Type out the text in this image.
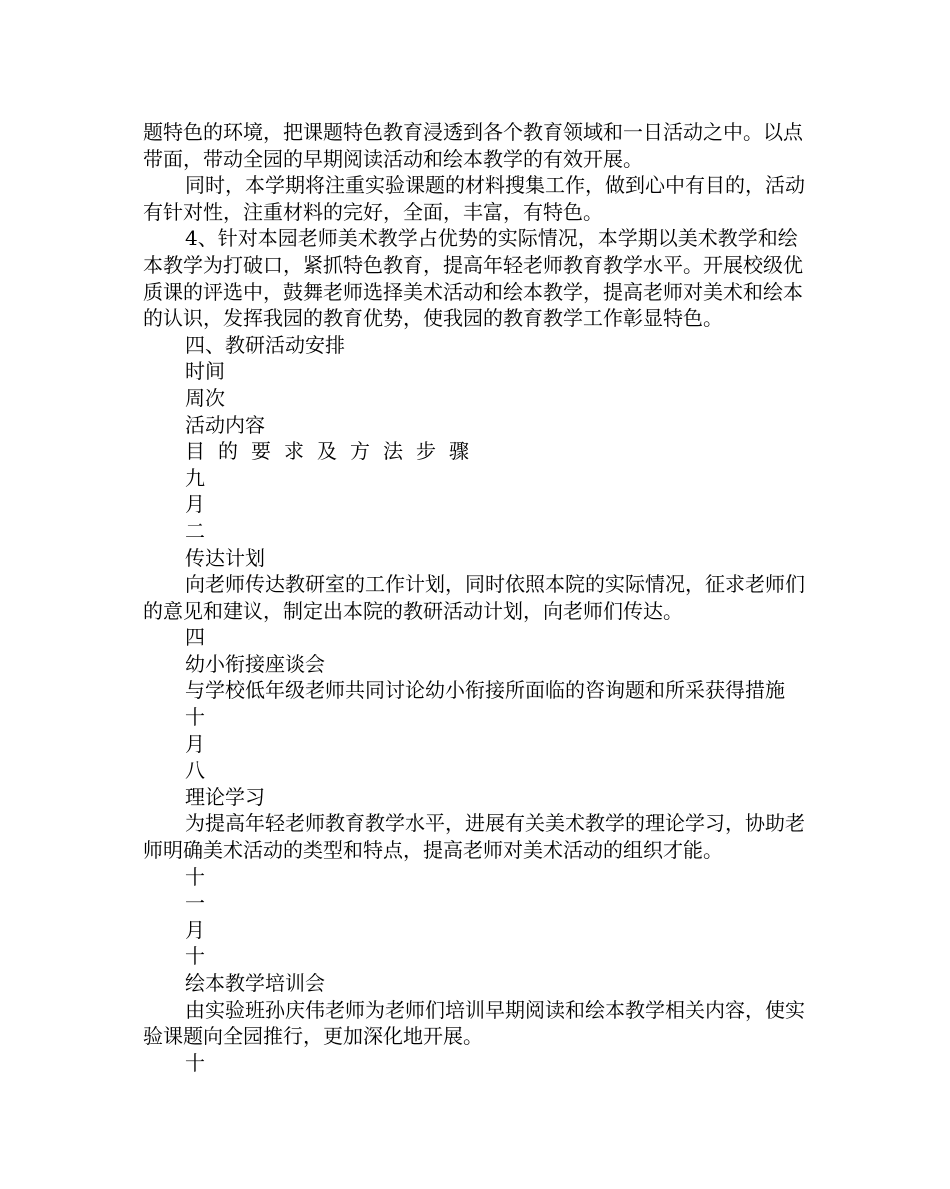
题特色的环境，把课题特色教育浸透到各个教育领域和一日活动之中。以点带面，带动全园的早期阅读活动和绘本教学的有效开展。

同时，本学期将注重实验课题的材料搜集工作，做到心中有目的，活动有针对性，注重材料的完好，全面，丰富，有特色。

4、针对本园老师美术教学占优势的实际情况，本学期以美术教学和绘本教学为打破口，紧抓特色教育，提高年轻老师教育教学水平。开展校级优质课的评选中，鼓舞老师选择美术活动和绘本教学，提高老师对美术和绘本的认识，发挥我园的教育优势，使我园的教育教学工作彰显特色。

四、教研活动安排

时间

周次

活动内容

目的要求及方法步骤

九

月

二

传达计划

向老师传达教研室的工作计划，同时依照本院的实际情况，征求老师们的意见和建议，制定出本院的教研活动计划，向老师们传达。

四

幼小衔接座谈会

与学校低年级老师共同讨论幼小衔接所面临的咨询题和所采获得措施

十

月

八

理论学习

为提高年轻老师教育教学水平，进展有关美术教学的理论学习，协助老师明确美术活动的类型和特点，提高老师对美术活动的组织才能。

十

一

月

十

绘本教学培训会

由实验班孙庆伟老师为老师们培训早期阅读和绘本教学相关内容，使实验课题向全园推行，更加深化地开展。

十
